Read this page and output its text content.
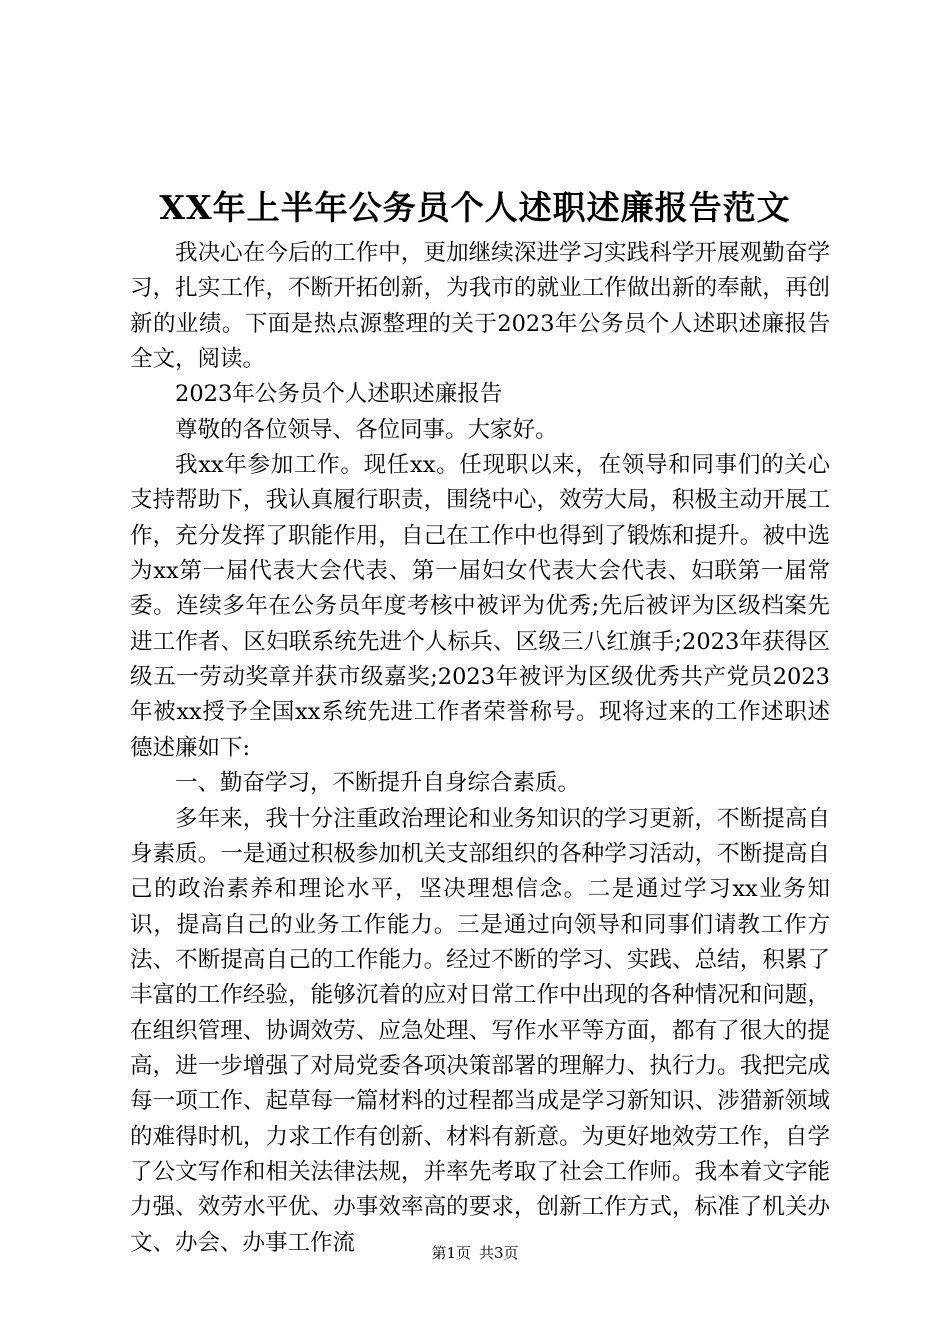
XX年上半年公务员个人述职述廉报告范文

我决心在今后的工作中，更加继续深进学习实践科学开展观勤奋学习，扎实工作，不断开拓创新，为我市的就业工作做出新的奉献，再创新的业绩。下面是热点源整理的关于2023年公务员个人述职述廉报告全文，阅读。

2023年公务员个人述职述廉报告

尊敬的各位领导、各位同事。大家好。

我xx年参加工作。现任xx。任现职以来，在领导和同事们的关心支持帮助下，我认真履行职责，围绕中心，效劳大局，积极主动开展工作，充分发挥了职能作用，自己在工作中也得到了锻炼和提升。被中选为xx第一届代表大会代表、第一届妇女代表大会代表、妇联第一届常委。连续多年在公务员年度考核中被评为优秀;先后被评为区级档案先进工作者、区妇联系统先进个人标兵、区级三八红旗手;2023年获得区级五一劳动奖章并获市级嘉奖;2023年被评为区级优秀共产党员2023年被xx授予全国xx系统先进工作者荣誉称号。现将过来的工作述职述德述廉如下:

一、勤奋学习，不断提升自身综合素质。

多年来，我十分注重政治理论和业务知识的学习更新，不断提高自身素质。一是通过积极参加机关支部组织的各种学习活动，不断提高自己的政治素养和理论水平，坚决理想信念。二是通过学习xx业务知识，提高自己的业务工作能力。三是通过向领导和同事们请教工作方法、不断提高自己的工作能力。经过不断的学习、实践、总结，积累了丰富的工作经验，能够沉着的应对日常工作中出现的各种情况和问题，在组织管理、协调效劳、应急处理、写作水平等方面，都有了很大的提高，进一步增强了对局党委各项决策部署的理解力、执行力。我把完成每一项工作、起草每一篇材料的过程都当成是学习新知识、涉猎新领域的难得时机，力求工作有创新、材料有新意。为更好地效劳工作，自学了公文写作和相关法律法规，并率先考取了社会工作师。我本着文字能力强、效劳水平优、办事效率高的要求，创新工作方式，标准了机关办文、办会、办事工作流	第1页 共3页
